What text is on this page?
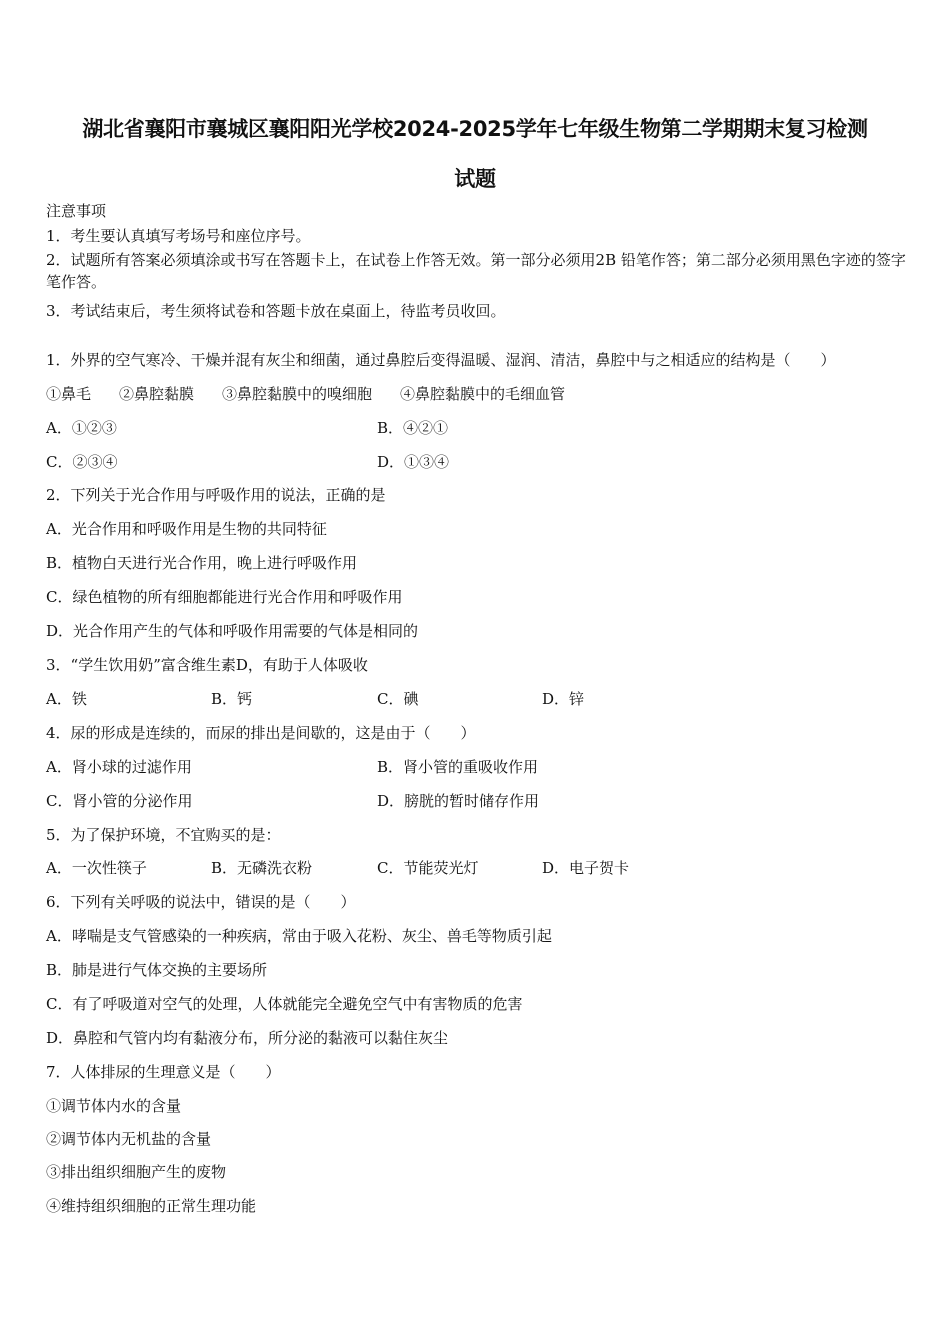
湖北省襄阳市襄城区襄阳阳光学校2024-2025学年七年级生物第二学期期末复习检测
试题
注意事项
1．考生要认真填写考场号和座位序号。
2．试题所有答案必须填涂或书写在答题卡上，在试卷上作答无效。第一部分必须用2B 铅笔作答；第二部分必须用黑色字迹的签字笔作答。
3．考试结束后，考生须将试卷和答题卡放在桌面上，待监考员收回。
1．外界的空气寒冷、干燥并混有灰尘和细菌，通过鼻腔后变得温暖、湿润、清洁，鼻腔中与之相适应的结构是（　　）
①鼻毛 ②鼻腔黏膜 ③鼻腔黏膜中的嗅细胞 ④鼻腔黏膜中的毛细血管
A．①②③	B．④②①
C．②③④	D．①③④
2．下列关于光合作用与呼吸作用的说法，正确的是
A．光合作用和呼吸作用是生物的共同特征
B．植物白天进行光合作用，晚上进行呼吸作用
C．绿色植物的所有细胞都能进行光合作用和呼吸作用
D．光合作用产生的气体和呼吸作用需要的气体是相同的
3．“学生饮用奶”富含维生素D，有助于人体吸收
A．铁	B．钙	C．碘	D．锌
4．尿的形成是连续的，而尿的排出是间歇的，这是由于（　　）
A．肾小球的过滤作用	B．肾小管的重吸收作用
C．肾小管的分泌作用	D．膀胱的暂时储存作用
5．为了保护环境，不宜购买的是：
A．一次性筷子	B．无磷洗衣粉	C．节能荧光灯	D．电子贺卡
6．下列有关呼吸的说法中，错误的是（　　）
A．哮喘是支气管感染的一种疾病，常由于吸入花粉、灰尘、兽毛等物质引起
B．肺是进行气体交换的主要场所
C．有了呼吸道对空气的处理，人体就能完全避免空气中有害物质的危害
D．鼻腔和气管内均有黏液分布，所分泌的黏液可以黏住灰尘
7．人体排尿的生理意义是（　　）
①调节体内水的含量
②调节体内无机盐的含量
③排出组织细胞产生的废物
④维持组织细胞的正常生理功能
